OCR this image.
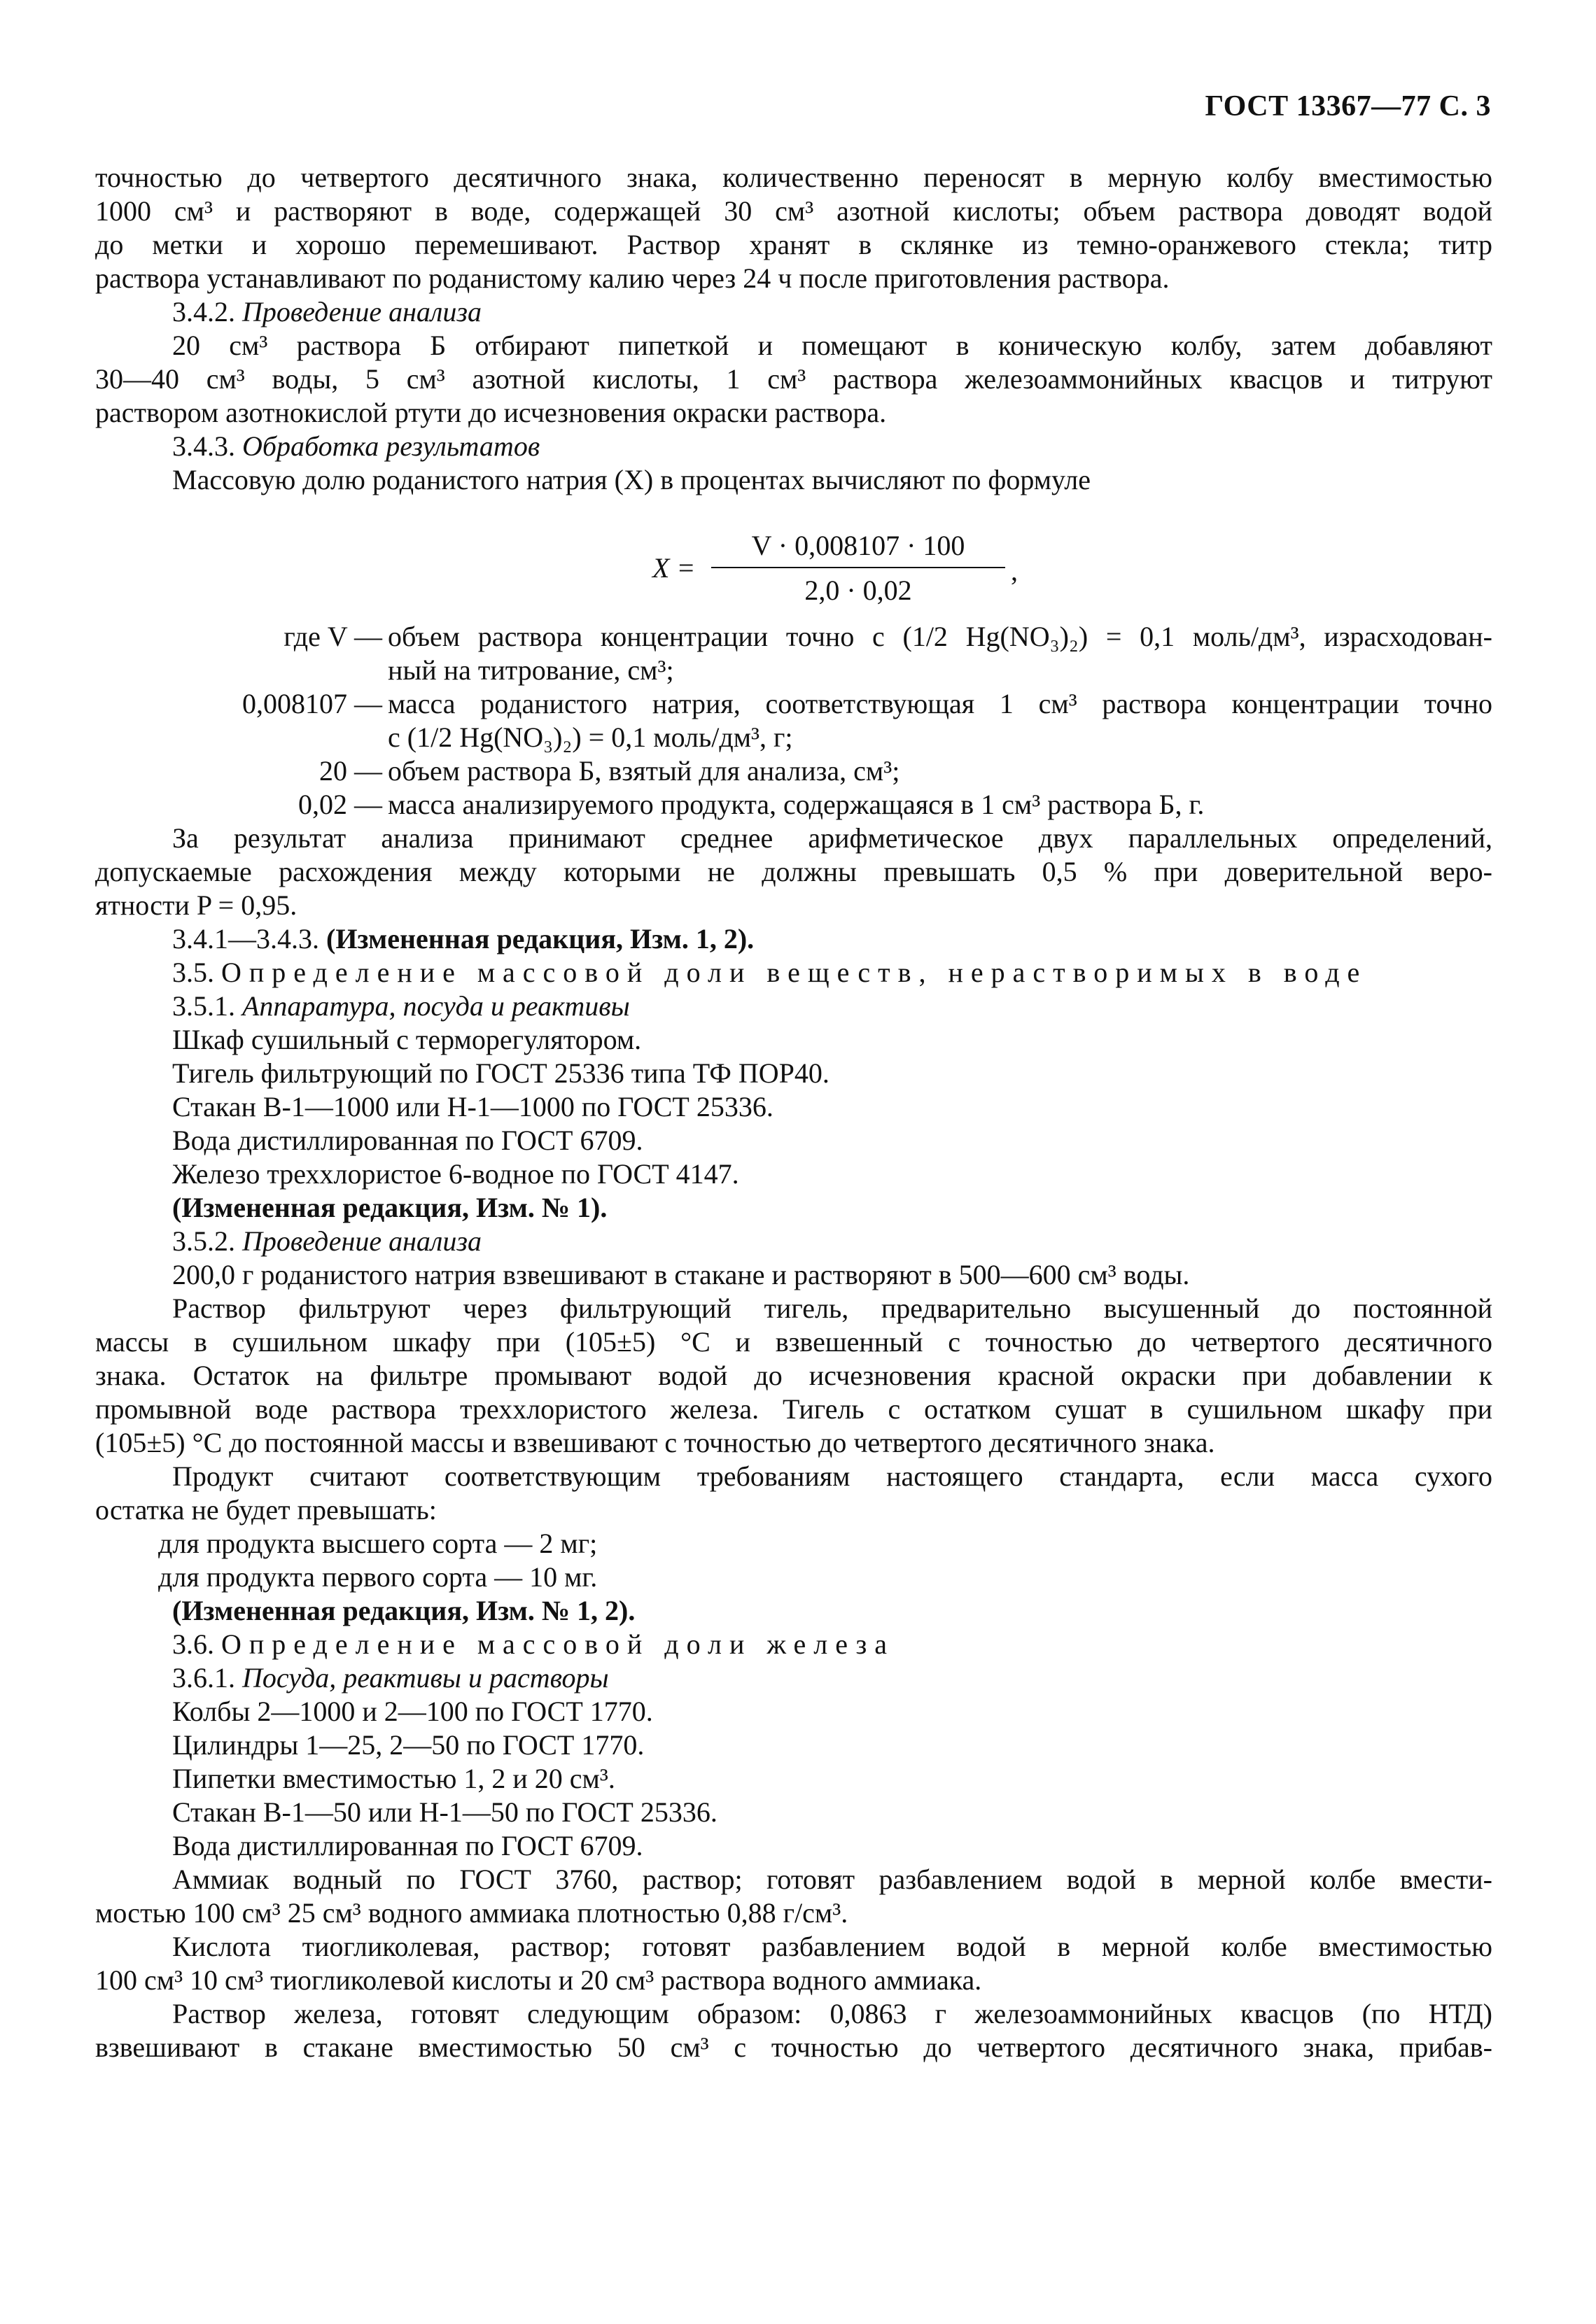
ГОСТ 13367—77 С. 3
точностью до четвертого десятичного знака, количественно переносят в мерную колбу вместимостью
1000 см³ и растворяют в воде, содержащей 30 см³ азотной кислоты; объем раствора доводят водой
до метки и хорошо перемешивают. Раствор хранят в склянке из темно-оранжевого стекла; титр
раствора устанавливают по роданистому калию через 24 ч после приготовления раствора.
3.4.2. Проведение анализа
20 см³ раствора Б отбирают пипеткой и помещают в коническую колбу, затем добавляют
30—40 см³ воды, 5 см³ азотной кислоты, 1 см³ раствора железоаммонийных квасцов и титруют
раствором азотнокислой ртути до исчезновения окраски раствора.
3.4.3. Обработка результатов
Массовую долю роданистого натрия (X) в процентах вычисляют по формуле
X =
V · 0,008107 · 100
2,0 · 0,02
,
где V — объем раствора концентрации точно c (1/2 Hg(NO₃)₂) = 0,1 моль/дм³, израсходован-
ный на титрование, см³;
0,008107 — масса роданистого натрия, соответствующая 1 см³ раствора концентрации точно
c (1/2 Hg(NO₃)₂) = 0,1 моль/дм³, г;
20 — объем раствора Б, взятый для анализа, см³;
0,02 — масса анализируемого продукта, содержащаяся в 1 см³ раствора Б, г.
За результат анализа принимают среднее арифметическое двух параллельных определений,
допускаемые расхождения между которыми не должны превышать 0,5 % при доверительной веро-
ятности P = 0,95.
3.4.1—3.4.3. (Измененная редакция, Изм. 1, 2).
3.5. Определение массовой доли веществ, нерастворимых в воде
3.5.1. Аппаратура, посуда и реактивы
Шкаф сушильный с терморегулятором.
Тигель фильтрующий по ГОСТ 25336 типа ТФ ПОР40.
Стакан В-1—1000 или Н-1—1000 по ГОСТ 25336.
Вода дистиллированная по ГОСТ 6709.
Железо треххлористое 6-водное по ГОСТ 4147.
(Измененная редакция, Изм. № 1).
3.5.2. Проведение анализа
200,0 г роданистого натрия взвешивают в стакане и растворяют в 500—600 см³ воды.
Раствор фильтруют через фильтрующий тигель, предварительно высушенный до постоянной
массы в сушильном шкафу при (105±5) °С и взвешенный с точностью до четвертого десятичного
знака. Остаток на фильтре промывают водой до исчезновения красной окраски при добавлении к
промывной воде раствора треххлористого железа. Тигель с остатком сушат в сушильном шкафу при
(105±5) °С до постоянной массы и взвешивают с точностью до четвертого десятичного знака.
Продукт считают соответствующим требованиям настоящего стандарта, если масса сухого
остатка не будет превышать:
для продукта высшего сорта — 2 мг;
для продукта первого сорта — 10 мг.
(Измененная редакция, Изм. № 1, 2).
3.6. Определение массовой доли железа
3.6.1. Посуда, реактивы и растворы
Колбы 2—1000 и 2—100 по ГОСТ 1770.
Цилиндры 1—25, 2—50 по ГОСТ 1770.
Пипетки вместимостью 1, 2 и 20 см³.
Стакан В-1—50 или Н-1—50 по ГОСТ 25336.
Вода дистиллированная по ГОСТ 6709.
Аммиак водный по ГОСТ 3760, раствор; готовят разбавлением водой в мерной колбе вмести-
мостью 100 см³ 25 см³ водного аммиака плотностью 0,88 г/см³.
Кислота тиогликолевая, раствор; готовят разбавлением водой в мерной колбе вместимостью
100 см³ 10 см³ тиогликолевой кислоты и 20 см³ раствора водного аммиака.
Раствор железа, готовят следующим образом: 0,0863 г железоаммонийных квасцов (по НТД)
взвешивают в стакане вместимостью 50 см³ с точностью до четвертого десятичного знака, прибав-
